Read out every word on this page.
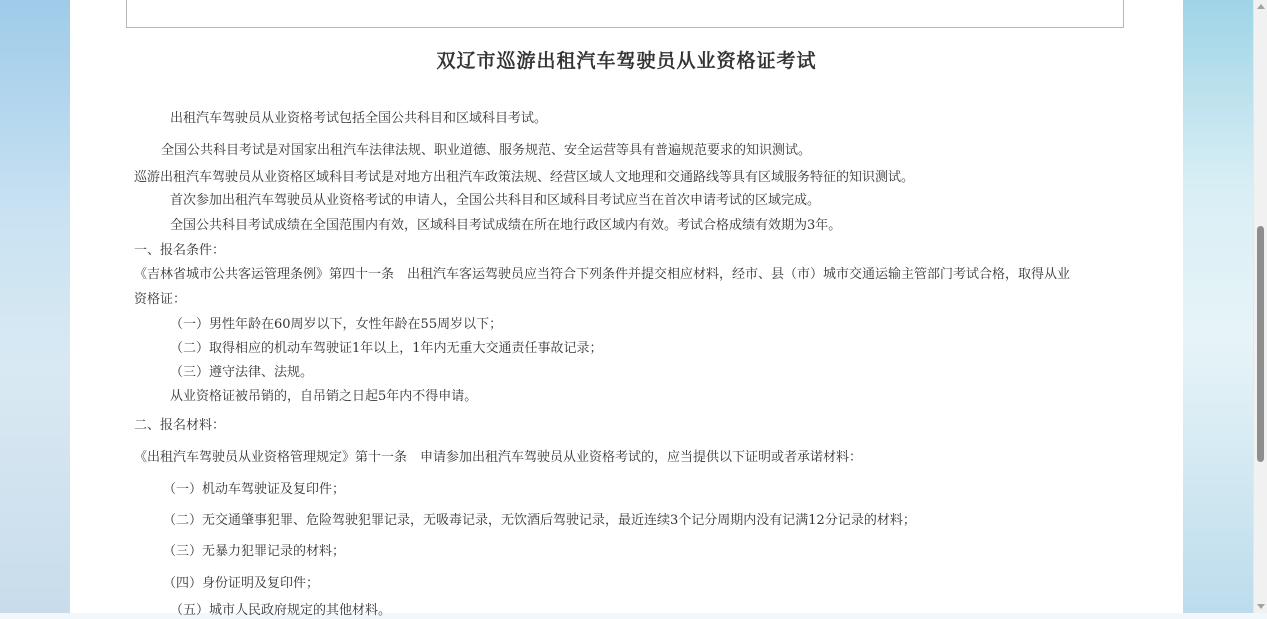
双辽市巡游出租汽车驾驶员从业资格证考试
出租汽车驾驶员从业资格考试包括全国公共科目和区域科目考试。
全国公共科目考试是对国家出租汽车法律法规、职业道德、服务规范、安全运营等具有普遍规范要求的知识测试。
巡游出租汽车驾驶员从业资格区域科目考试是对地方出租汽车政策法规、经营区域人文地理和交通路线等具有区域服务特征的知识测试。
首次参加出租汽车驾驶员从业资格考试的申请人，全国公共科目和区域科目考试应当在首次申请考试的区域完成。
全国公共科目考试成绩在全国范围内有效，区域科目考试成绩在所在地行政区域内有效。考试合格成绩有效期为3年。
一、报名条件：
《吉林省城市公共客运管理条例》第四十一条　出租汽车客运驾驶员应当符合下列条件并提交相应材料，经市、县（市）城市交通运输主管部门考试合格，取得从业
资格证：
（一）男性年龄在60周岁以下，女性年龄在55周岁以下；
（二）取得相应的机动车驾驶证1年以上，1年内无重大交通责任事故记录；
（三）遵守法律、法规。
从业资格证被吊销的，自吊销之日起5年内不得申请。
二、报名材料：
《出租汽车驾驶员从业资格管理规定》第十一条　申请参加出租汽车驾驶员从业资格考试的，应当提供以下证明或者承诺材料：
（一）机动车驾驶证及复印件；
（二）无交通肇事犯罪、危险驾驶犯罪记录，无吸毒记录，无饮酒后驾驶记录，最近连续3个记分周期内没有记满12分记录的材料；
（三）无暴力犯罪记录的材料；
（四）身份证明及复印件；
（五）城市人民政府规定的其他材料。
